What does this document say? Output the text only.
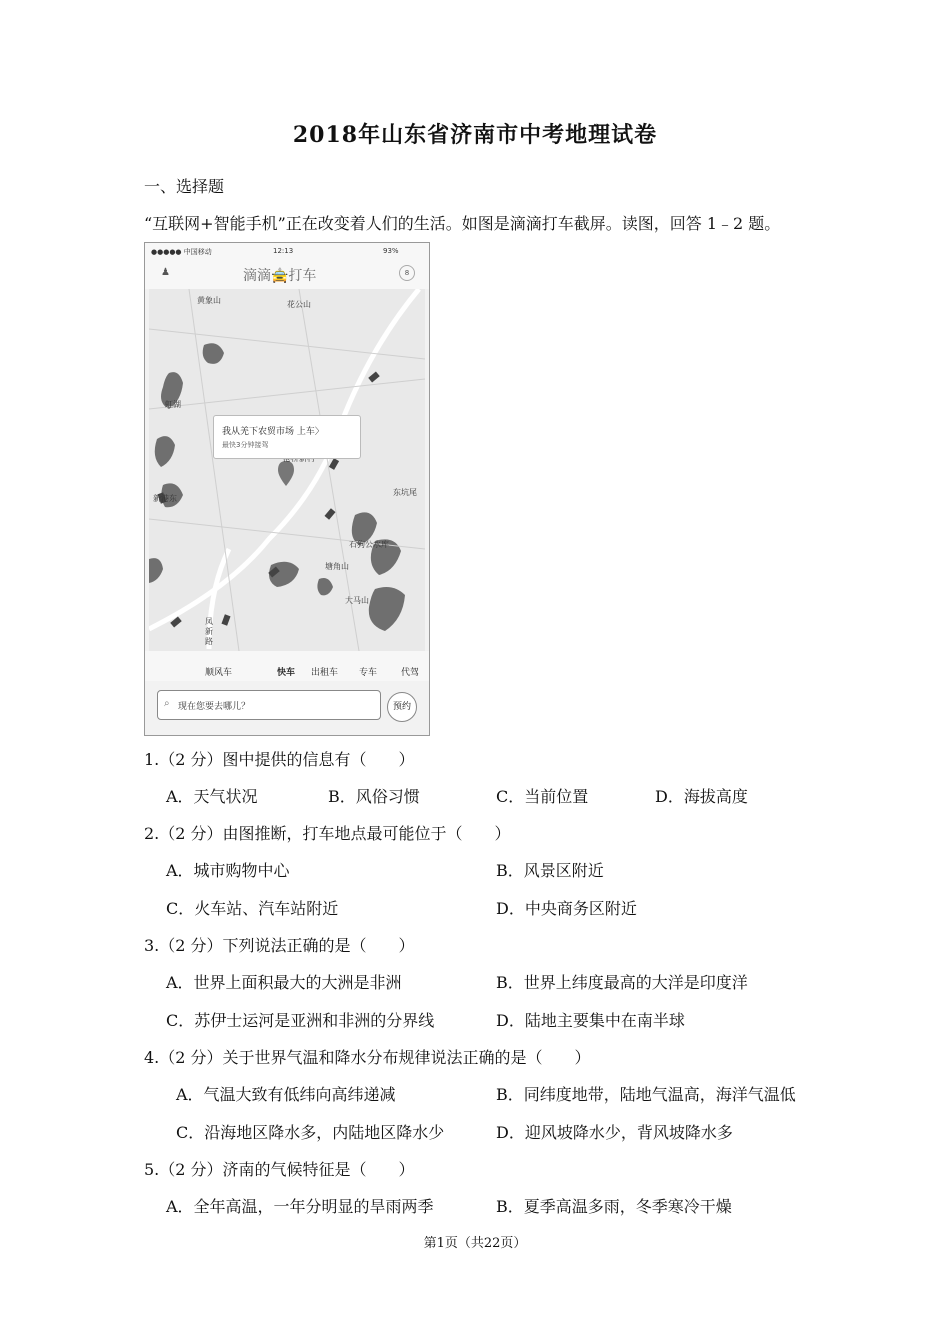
2018年山东省济南市中考地理试卷
一、选择题
“互联网+智能手机”正在改变着人们的生活。如图是滴滴打车截屏。读图，回答 1﹣2 题。
●●●●● 中国移动	12:13	93%
♟	滴滴🚖打车	8
黄象山	花公山
虹湖
东坑尾
新港东
石狗公水库
塘角山
大马山
凤新路
我从羌下农贸市场 上车〉
最快3分钟接驾
顺风车	快车 出租车 专车	代驾
⌕ 现在您要去哪儿？	预约
1.（2 分）图中提供的信息有（　　）
A．天气状况	B．风俗习惯	C．当前位置	D．海拔高度
2.（2 分）由图推断，打车地点最可能位于（　　）
A．城市购物中心	B．风景区附近
C．火车站、汽车站附近	D．中央商务区附近
3.（2 分）下列说法正确的是（　　）
A．世界上面积最大的大洲是非洲	B．世界上纬度最高的大洋是印度洋
C．苏伊士运河是亚洲和非洲的分界线	D．陆地主要集中在南半球
4.（2 分）关于世界气温和降水分布规律说法正确的是（　　）
A．气温大致有低纬向高纬递减	B．同纬度地带，陆地气温高，海洋气温低
C．沿海地区降水多，内陆地区降水少	D．迎风坡降水少，背风坡降水多
5.（2 分）济南的气候特征是（　　）
A．全年高温，一年分明显的旱雨两季	B．夏季高温多雨，冬季寒冷干燥
第1页（共22页）
